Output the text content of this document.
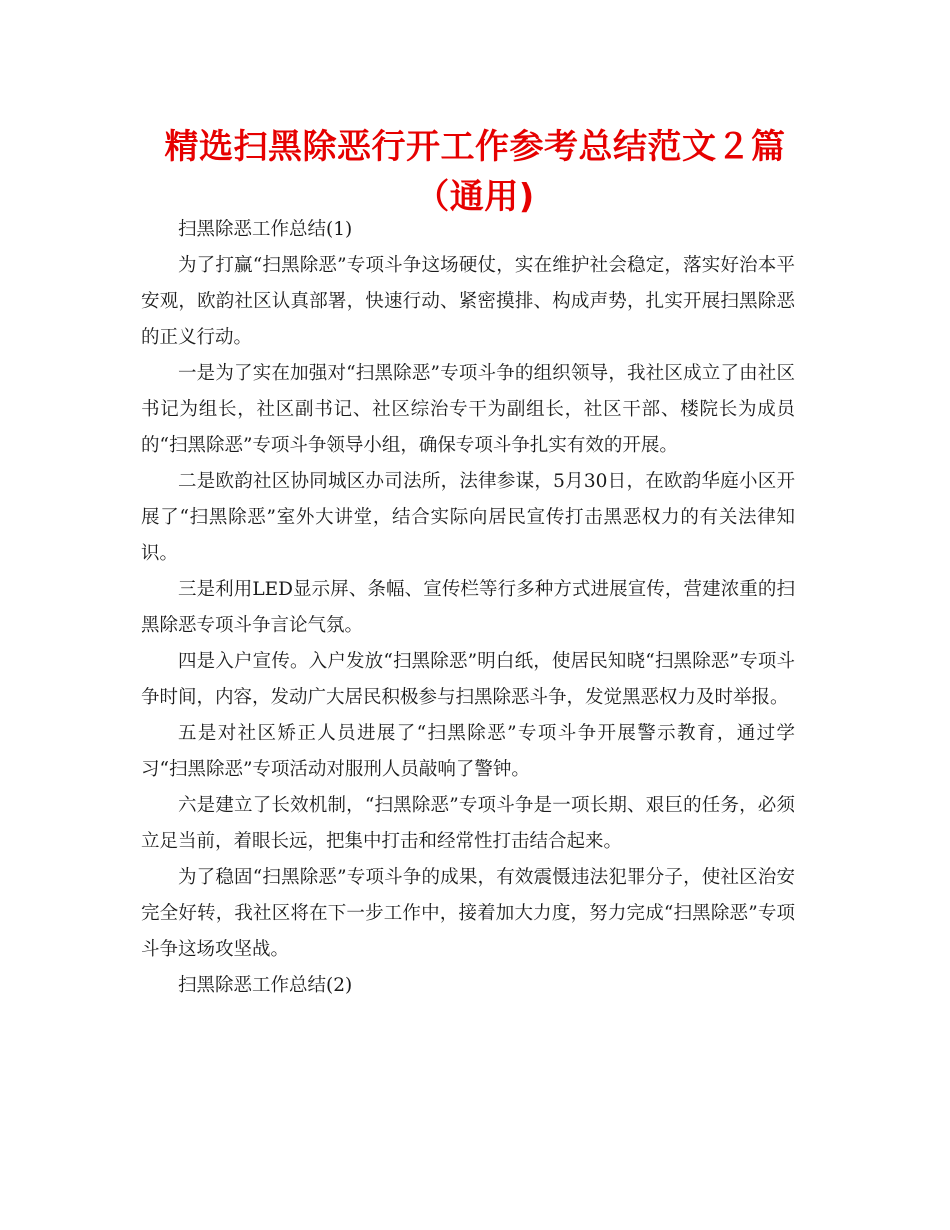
精选扫黑除恶行开工作参考总结范文２篇（通用)

扫黑除恶工作总结(1)

为了打赢“扫黑除恶”专项斗争这场硬仗，实在维护社会稳定，落实好治本平安观，欧韵社区认真部署，快速行动、紧密摸排、构成声势，扎实开展扫黑除恶的正义行动。

一是为了实在加强对“扫黑除恶”专项斗争的组织领导，我社区成立了由社区书记为组长，社区副书记、社区综治专干为副组长，社区干部、楼院长为成员的“扫黑除恶”专项斗争领导小组，确保专项斗争扎实有效的开展。

二是欧韵社区协同城区办司法所，法律参谋，5月30日，在欧韵华庭小区开展了“扫黑除恶”室外大讲堂，结合实际向居民宣传打击黑恶权力的有关法律知识。

三是利用LED显示屏、条幅、宣传栏等行多种方式进展宣传，营建浓重的扫黑除恶专项斗争言论气氛。

四是入户宣传。入户发放“扫黑除恶”明白纸，使居民知晓“扫黑除恶”专项斗争时间，内容，发动广大居民积极参与扫黑除恶斗争，发觉黑恶权力及时举报。

五是对社区矫正人员进展了“扫黑除恶”专项斗争开展警示教育，通过学习“扫黑除恶”专项活动对服刑人员敲响了警钟。

六是建立了长效机制，“扫黑除恶”专项斗争是一项长期、艰巨的任务，必须立足当前，着眼长远，把集中打击和经常性打击结合起来。

为了稳固“扫黑除恶”专项斗争的成果，有效震慑违法犯罪分子，使社区治安完全好转，我社区将在下一步工作中，接着加大力度，努力完成“扫黑除恶”专项斗争这场攻坚战。

扫黑除恶工作总结(2)
